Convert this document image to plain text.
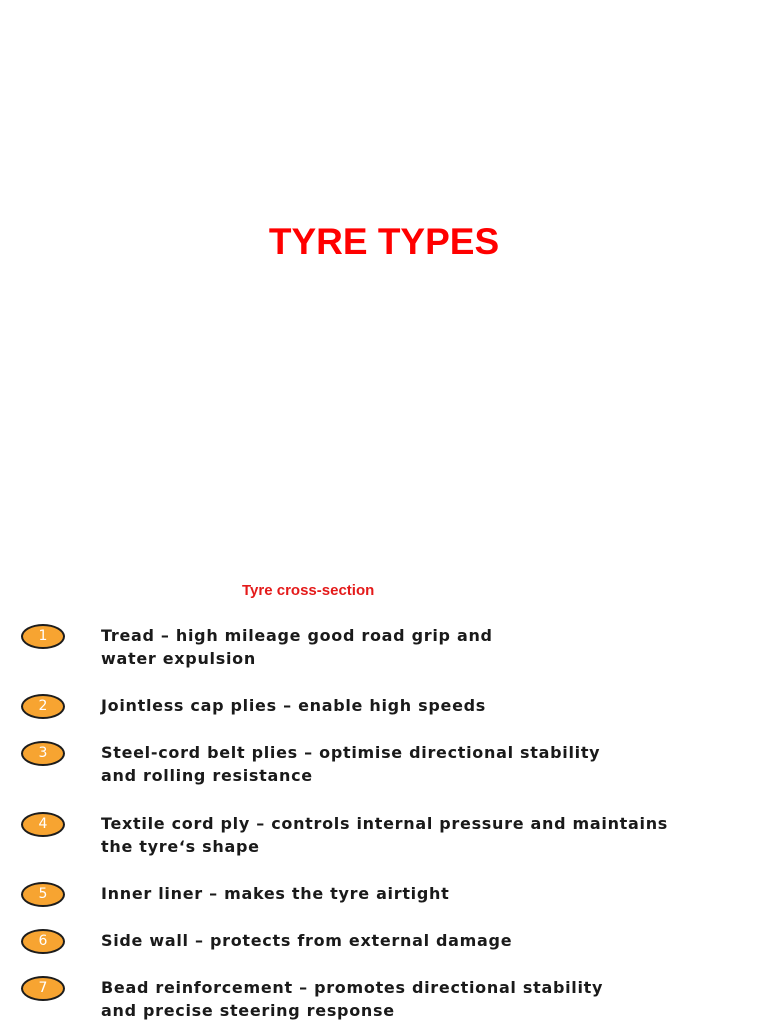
TYRE TYPES
Tyre cross-section
1	Tread – high mileage good road grip and
water expulsion
2	Jointless cap plies – enable high speeds
3	Steel-cord belt plies – optimise directional stability
and rolling resistance
4	Textile cord ply – controls internal pressure and maintains
the tyre‘s shape
5	Inner liner – makes the tyre airtight
6	Side wall – protects from external damage
7	Bead reinforcement – promotes directional stability
and precise steering response
